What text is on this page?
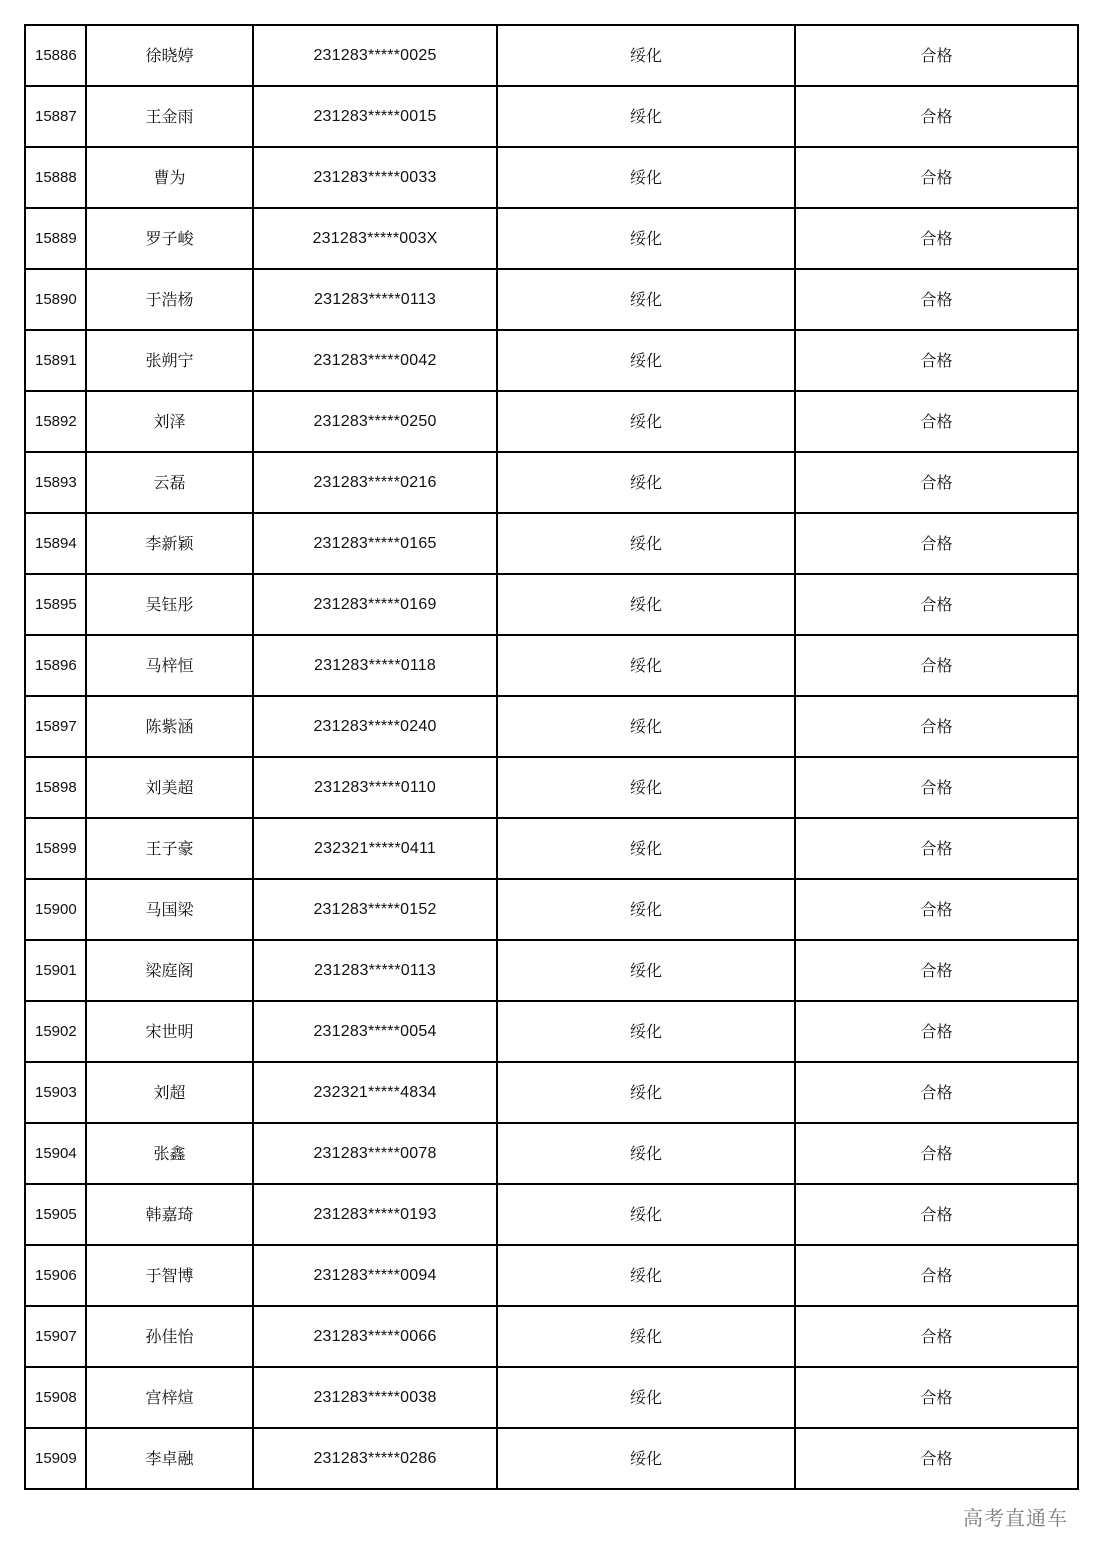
15886	徐晓婷	231283*****0025	绥化	合格
15887	王金雨	231283*****0015	绥化	合格
15888	曹为	231283*****0033	绥化	合格
15889	罗子峻	231283*****003X	绥化	合格
15890	于浩杨	231283*****0113	绥化	合格
15891	张朔宁	231283*****0042	绥化	合格
15892	刘泽	231283*****0250	绥化	合格
15893	云磊	231283*****0216	绥化	合格
15894	李新颖	231283*****0165	绥化	合格
15895	吴钰彤	231283*****0169	绥化	合格
15896	马梓恒	231283*****0118	绥化	合格
15897	陈紫涵	231283*****0240	绥化	合格
15898	刘美超	231283*****0110	绥化	合格
15899	王子豪	232321*****0411	绥化	合格
15900	马国梁	231283*****0152	绥化	合格
15901	梁庭阁	231283*****0113	绥化	合格
15902	宋世明	231283*****0054	绥化	合格
15903	刘超	232321*****4834	绥化	合格
15904	张鑫	231283*****0078	绥化	合格
15905	韩嘉琦	231283*****0193	绥化	合格
15906	于智博	231283*****0094	绥化	合格
15907	孙佳怡	231283*****0066	绥化	合格
15908	宫梓煊	231283*****0038	绥化	合格
15909	李卓融	231283*****0286	绥化	合格
高考直通车
